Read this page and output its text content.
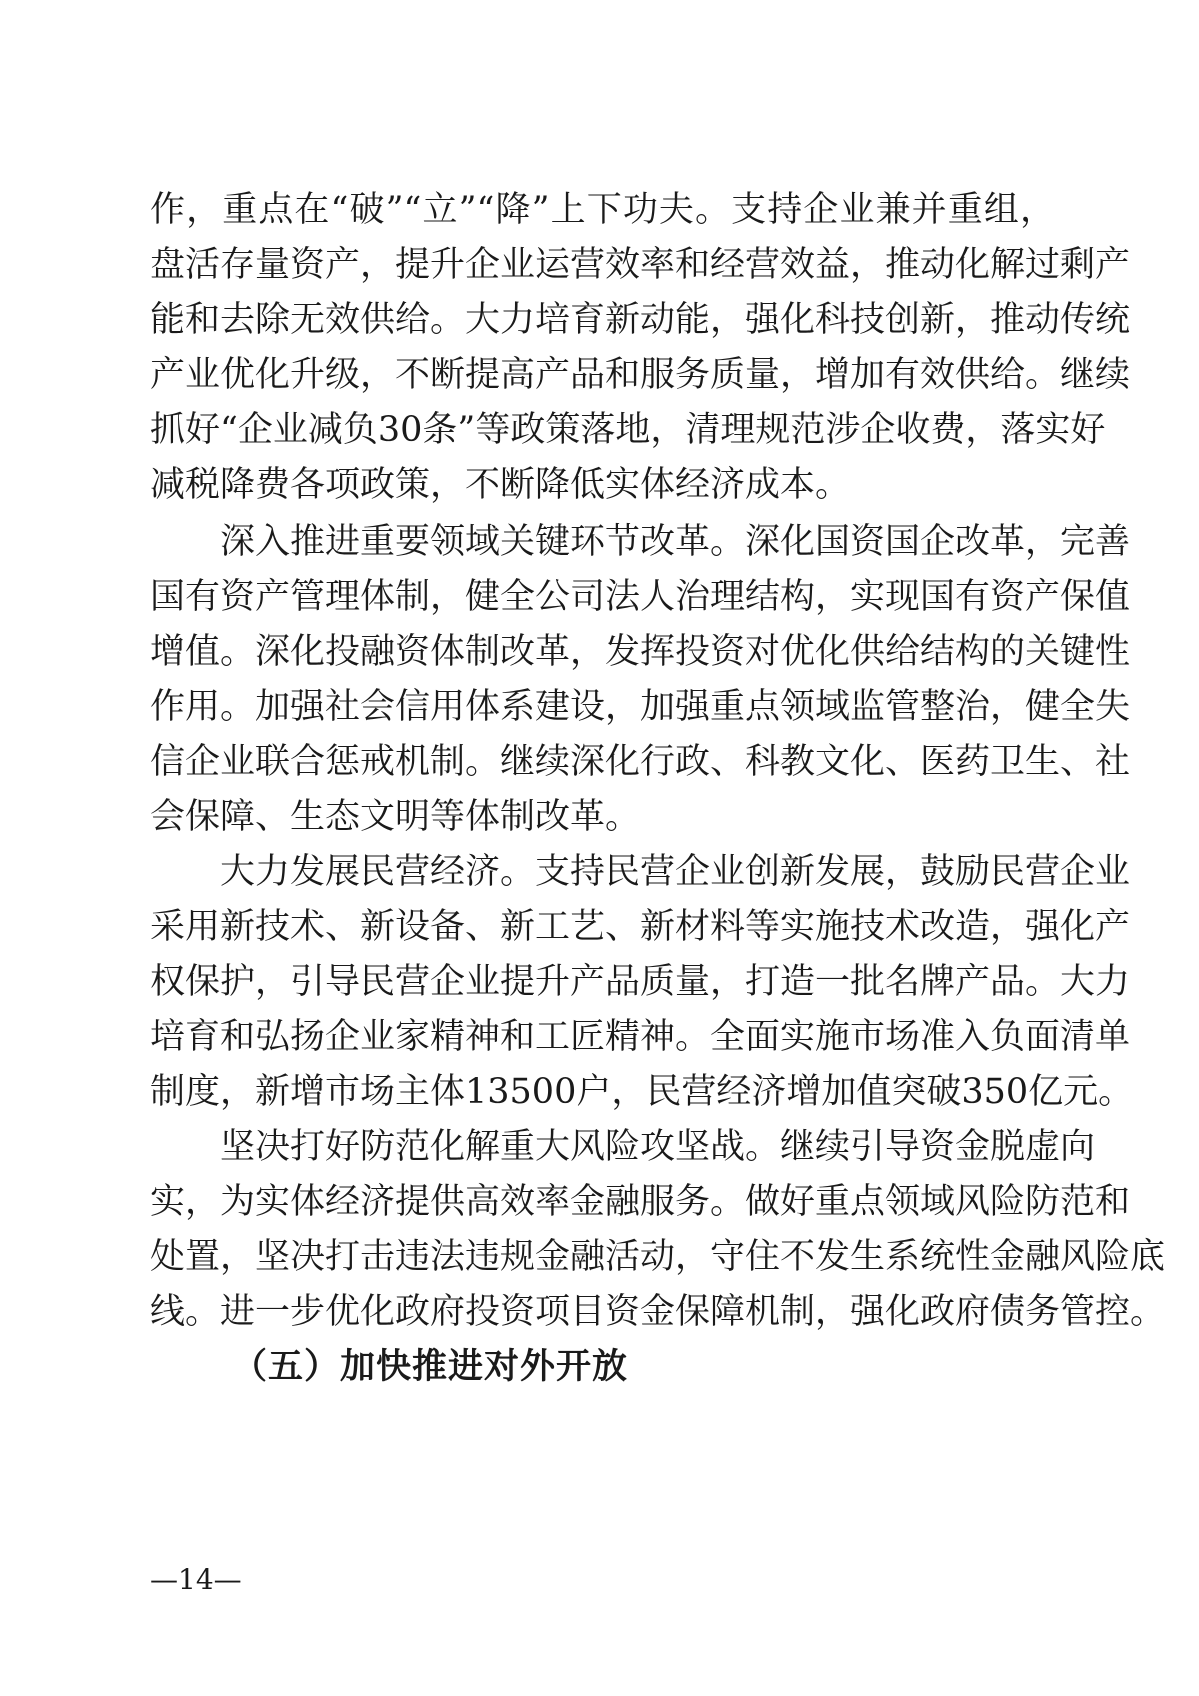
作，重点在“破”“立”“降”上下功夫。支持企业兼并重组，

盘活存量资产，提升企业运营效率和经营效益，推动化解过剩产

能和去除无效供给。大力培育新动能，强化科技创新，推动传统

产业优化升级，不断提高产品和服务质量，增加有效供给。继续

抓好“企业减负30条”等政策落地，清理规范涉企收费，落实好

减税降费各项政策，不断降低实体经济成本。

深入推进重要领域关键环节改革。深化国资国企改革，完善

国有资产管理体制，健全公司法人治理结构，实现国有资产保值

增值。深化投融资体制改革，发挥投资对优化供给结构的关键性

作用。加强社会信用体系建设，加强重点领域监管整治，健全失

信企业联合惩戒机制。继续深化行政、科教文化、医药卫生、社

会保障、生态文明等体制改革。

大力发展民营经济。支持民营企业创新发展，鼓励民营企业

采用新技术、新设备、新工艺、新材料等实施技术改造，强化产

权保护，引导民营企业提升产品质量，打造一批名牌产品。大力

培育和弘扬企业家精神和工匠精神。全面实施市场准入负面清单

制度，新增市场主体13500户，民营经济增加值突破350亿元。

坚决打好防范化解重大风险攻坚战。继续引导资金脱虚向

实，为实体经济提供高效率金融服务。做好重点领域风险防范和

处置，坚决打击违法违规金融活动，守住不发生系统性金融风险底

线。进一步优化政府投资项目资金保障机制，强化政府债务管控。

（五）加快推进对外开放

—14—
